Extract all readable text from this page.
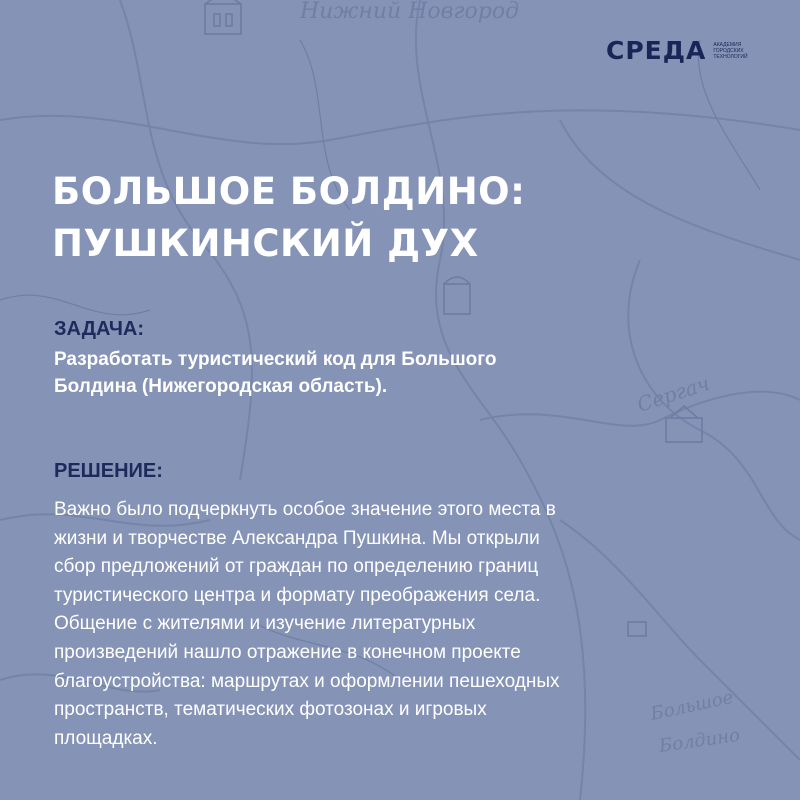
Нижний Новгород
Сергач
Большое
Болдино
СРЕДА АКАДЕМИЯ
ГОРОДСКИХ
ТЕХНОЛОГИЙ
БОЛЬШОЕ БОЛДИНО:
ПУШКИНСКИЙ ДУХ
ЗАДАЧА:

Разработать туристический код для Большого
Болдина (Нижегородская область).

РЕШЕНИЕ:

Важно было подчеркнуть особое значение этого места в
жизни и творчестве Александра Пушкина. Мы открыли
сбор предложений от граждан по определению границ
туристического центра и формату преображения села.
Общение с жителями и изучение литературных
произведений нашло отражение в конечном проекте
благоустройства: маршрутах и оформлении пешеходных
пространств, тематических фотозонах и игровых
площадках.
